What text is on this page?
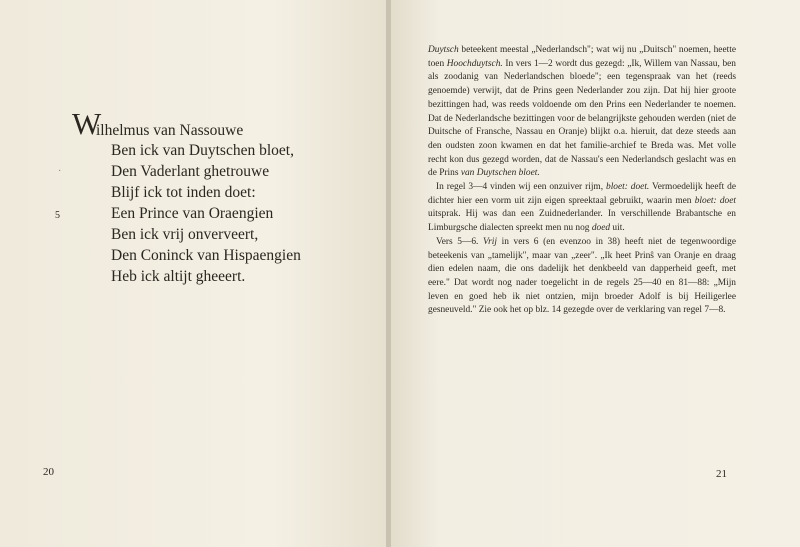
W
ilhelmus van Nassouwe
Ben ick van Duytschen bloet,
·	Den Vaderlant ghetrouwe
Blijf ick tot inden doet:
5	Een Prince van Oraengien
Ben ick vrij onverveert,
Den Coninck van Hispaengien
Heb ick altijt gheeert.
20	21

Duytsch beteekent meestal „Nederlandsch"; wat wij nu „Duitsch" noemen, heette toen Hoochduytsch. In vers 1—2 wordt dus gezegd: „Ik, Willem van Nassau, ben als zoodanig van Nederlandschen bloede"; een tegenspraak van het (reeds genoemde) verwijt, dat de Prins geen Nederlander zou zijn. Dat hij hier groote bezittingen had, was reeds voldoende om den Prins een Nederlander te noemen. Dat de Nederlandsche bezittingen voor de belangrijkste gehouden werden (niet de Duitsche of Fransche, Nassau en Oranje) blijkt o.a. hieruit, dat deze steeds aan den oudsten zoon kwamen en dat het familie-archief te Breda was. Met volle recht kon dus gezegd worden, dat de Nassau's een Nederlandsch geslacht was en de Prins van Duytschen bloet.

In regel 3—4 vinden wij een onzuiver rijm, bloet: doet. Vermoedelijk heeft de dichter hier een vorm uit zijn eigen spreektaal gebruikt, waarin men bloet: doet uitsprak. Hij was dan een Zuidnederlander. In verschillende Brabantsche en Limburgsche dialecten spreekt men nu nog doed uit.

Vers 5—6. Vrij in vers 6 (en evenzoo in 38) heeft niet de tegenwoordige beteekenis van „tamelijk", maar van „zeer". „Ik heet Prinŝ van Oranje en draag dien edelen naam, die ons dadelijk het denkbeeld van dapperheid geeft, met eere." Dat wordt nog nader toegelicht in de regels 25—40 en 81—88: „Mijn leven en goed heb ik niet ontzien, mijn broeder Adolf is bij Heiligerlee gesneuveld." Zie ook het op blz. 14 gezegde over de verklaring van regel 7—8.
